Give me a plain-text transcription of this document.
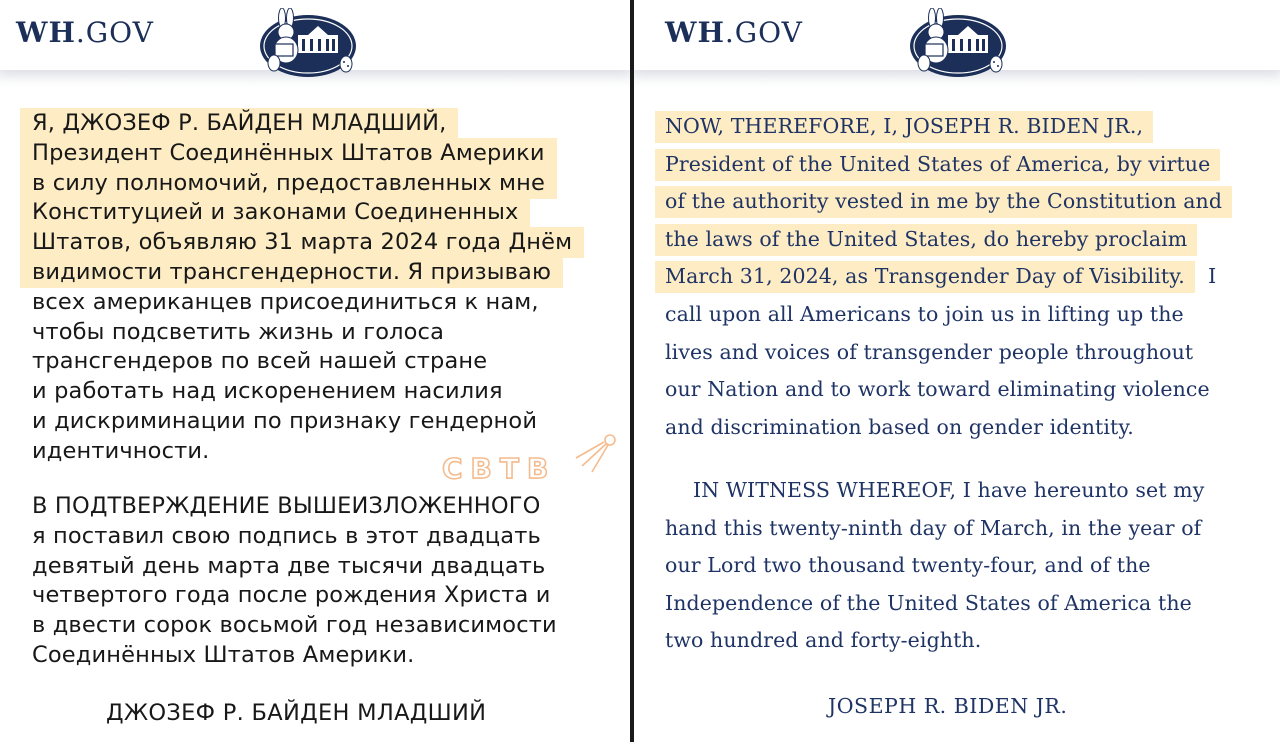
WH.GOV
Я, ДЖОЗЕФ Р. БАЙДЕН МЛАДШИЙ,
Президент Соединённых Штатов Америки
в силу полномочий, предоставленных мне
Конституцией и законами Соединенных
Штатов, объявляю 31 марта 2024 года Днём
видимости трансгендерности. Я призываю
всех американцев присоединиться к нам,
чтобы подсветить жизнь и голоса
трансгендеров по всей нашей стране
и работать над искоренением насилия
и дискриминации по признаку гендерной
идентичности.
СВТВ
В ПОДТВЕРЖДЕНИЕ ВЫШЕИЗЛОЖЕННОГО
я поставил свою подпись в этот двадцать
девятый день марта две тысячи двадцать
четвертого года после рождения Христа и
в двести сорок восьмой год независимости
Соединённых Штатов Америки.
ДЖОЗЕФ Р. БАЙДЕН МЛАДШИЙ
WH.GOV
NOW, THEREFORE, I, JOSEPH R. BIDEN JR.,
President of the United States of America, by virtue
of the authority vested in me by the Constitution and
the laws of the United States, do hereby proclaim
March 31, 2024, as Transgender Day of Visibility. I
call upon all Americans to join us in lifting up the
lives and voices of transgender people throughout
our Nation and to work toward eliminating violence
and discrimination based on gender identity.
IN WITNESS WHEREOF, I have hereunto set my
hand this twenty-ninth day of March, in the year of
our Lord two thousand twenty-four, and of the
Independence of the United States of America the
two hundred and forty-eighth.
JOSEPH R. BIDEN JR.
